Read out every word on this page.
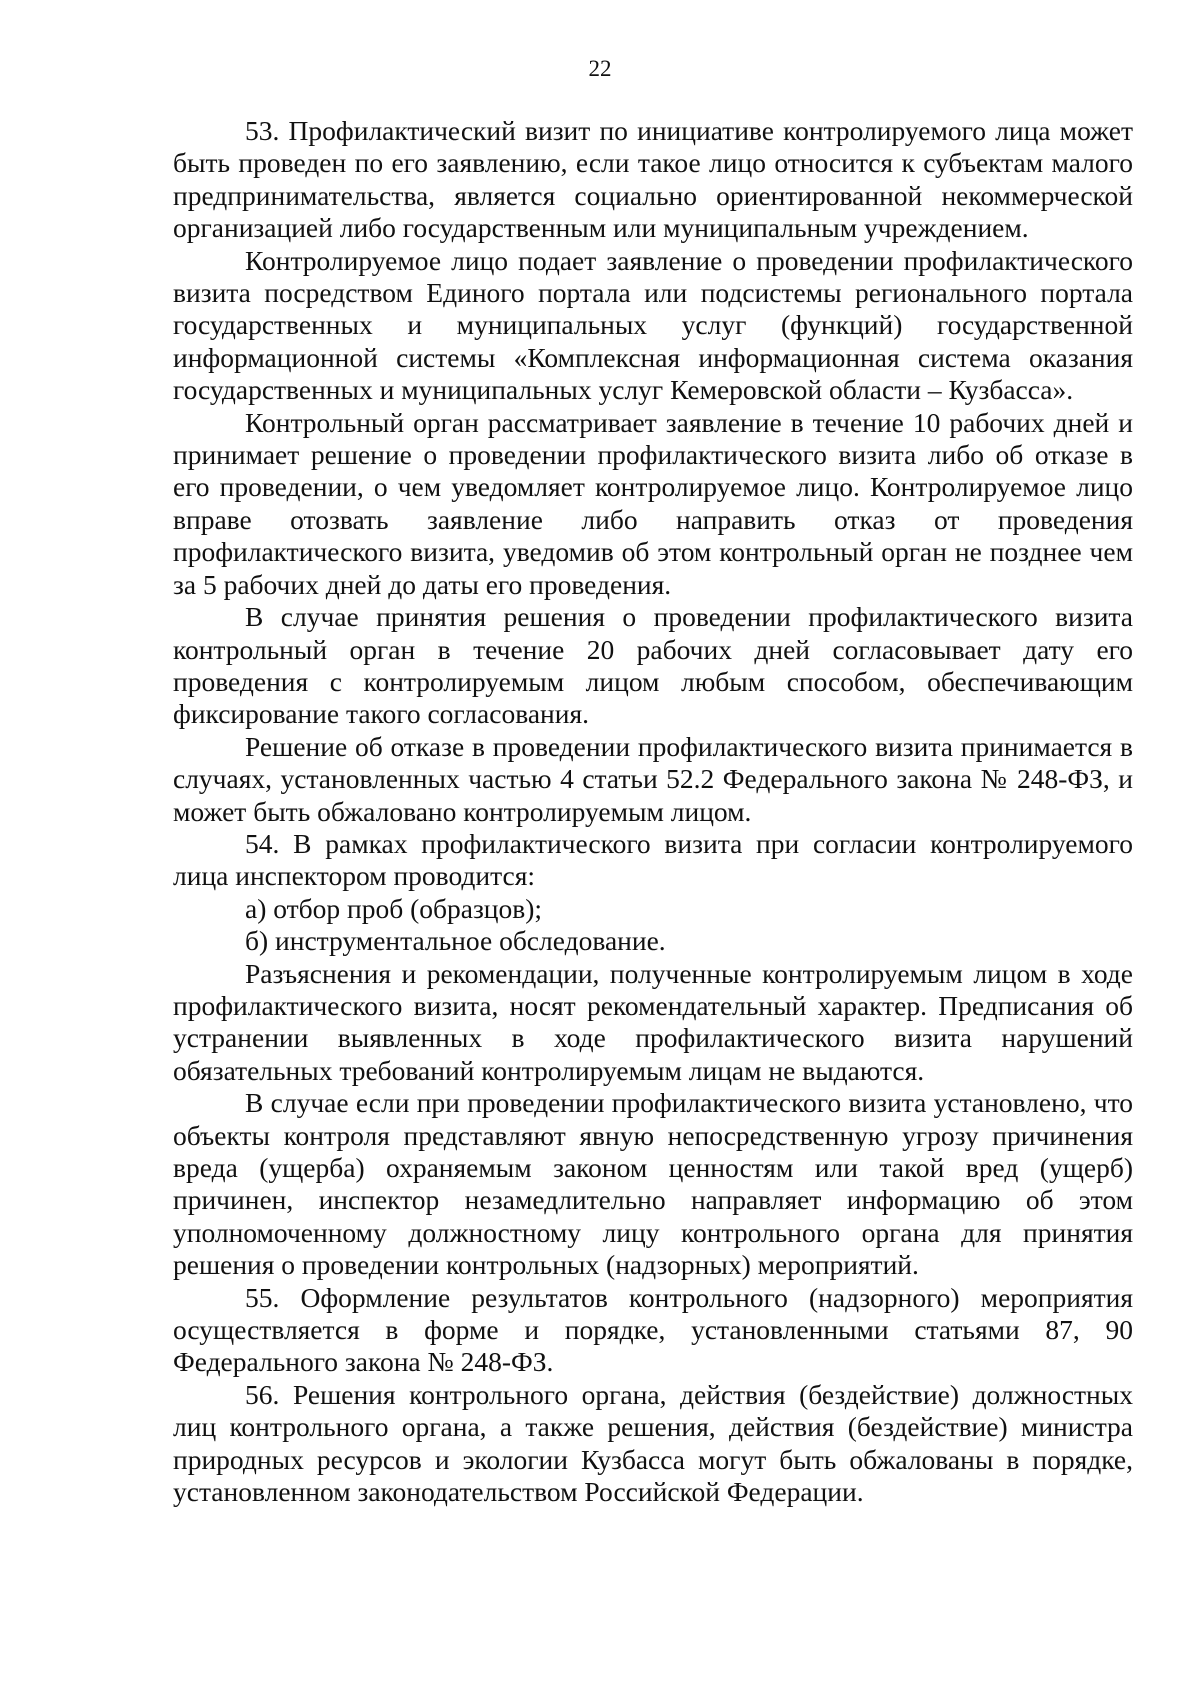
22

53. Профилактический визит по инициативе контролируемого лица может быть проведен по его заявлению, если такое лицо относится к субъектам малого предпринимательства, является социально ориентированной некоммерческой организацией либо государственным или муниципальным учреждением.

Контролируемое лицо подает заявление о проведении профилактического визита посредством Единого портала или подсистемы регионального портала государственных и муниципальных услуг (функций) государственной информационной системы «Комплексная информационная система оказания государственных и муниципальных услуг Кемеровской области – Кузбасса».

Контрольный орган рассматривает заявление в течение 10 рабочих дней и принимает решение о проведении профилактического визита либо об отказе в его проведении, о чем уведомляет контролируемое лицо. Контролируемое лицо вправе отозвать заявление либо направить отказ от проведения профилактического визита, уведомив об этом контрольный орган не позднее чем за 5 рабочих дней до даты его проведения.

В случае принятия решения о проведении профилактического визита контрольный орган в течение 20 рабочих дней согласовывает дату его проведения с контролируемым лицом любым способом, обеспечивающим фиксирование такого согласования.

Решение об отказе в проведении профилактического визита принимается в случаях, установленных частью 4 статьи 52.2 Федерального закона № 248-ФЗ, и может быть обжаловано контролируемым лицом.

54. В рамках профилактического визита при согласии контролируемого лица инспектором проводится:

а) отбор проб (образцов);

б) инструментальное обследование.

Разъяснения и рекомендации, полученные контролируемым лицом в ходе профилактического визита, носят рекомендательный характер. Предписания об устранении выявленных в ходе профилактического визита нарушений обязательных требований контролируемым лицам не выдаются.

В случае если при проведении профилактического визита установлено, что объекты контроля представляют явную непосредственную угрозу причинения вреда (ущерба) охраняемым законом ценностям или такой вред (ущерб) причинен, инспектор незамедлительно направляет информацию об этом уполномоченному должностному лицу контрольного органа для принятия решения о проведении контрольных (надзорных) мероприятий.

55. Оформление результатов контрольного (надзорного) мероприятия осуществляется в форме и порядке, установленными статьями 87, 90 Федерального закона № 248-ФЗ.

56. Решения контрольного органа, действия (бездействие) должностных лиц контрольного органа, а также решения, действия (бездействие) министра природных ресурсов и экологии Кузбасса могут быть обжалованы в порядке, установленном законодательством Российской Федерации.
